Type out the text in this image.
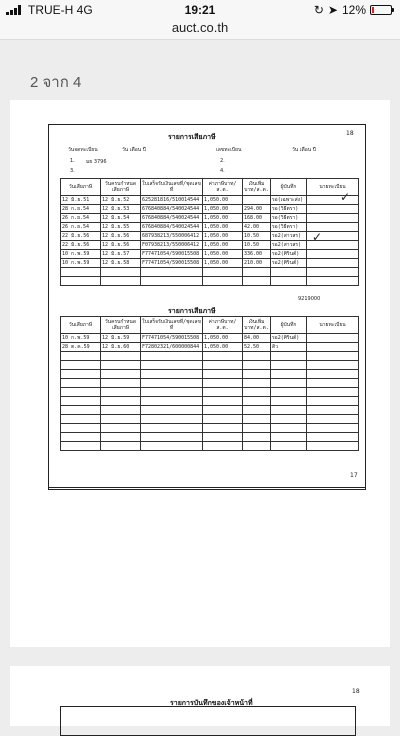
TRUE-H 4G	19:21	↻ ➤ 12%
auct.co.th
2 จาก 4
18
รายการเสียภาษี
วันจดทะเบียน	วัน เดือน ปี	เลขทะเบียน	วัน เดือน ปี
1. มย 3796	2.
3.	4.
วันเสียภาษี	วันครบกำหนดเสียภาษี	ใบเสร็จรับเงินเลขที่/ชุดเลขที่	ค่าภาษีบาท/ส.ต.	เงินเพิ่มบาท/ส.ต.	ผู้บันทึก	นายทะเบียน
12 มิ.ย.51	12 มิ.ย.52	625281816/510014544	1,050.00		รอ(เฉพาะส่ง)	
28 ก.ย.54	12 มิ.ย.53	676840884/540024544	1,050.00	294.00	รอ(วิธีตรา)	
26 ก.ย.54	12 มิ.ย.54	676840884/540024544	1,050.00	168.00	รอ(วิธีตรา)	
26 ก.ย.54	12 มิ.ย.55	676840884/540024544	1,050.00	42.00	รอ(วิธีตรา)	
22 มิ.ย.56	12 มิ.ย.56	687938213/550006412	1,050.00	10.50	รอ2(สาวสร)	
22 มิ.ย.56	12 มิ.ย.56	F07938213/550006412	1,050.00	10.50	รอ2(สาวสร)	
10 ก.พ.59	12 มิ.ย.57	F77471054/590015508	1,050.00	336.00	รอ2(ศิรินต์)	
10 ก.พ.59	12 มิ.ย.58	F77471054/590015508	1,050.00	210.00	รอ2(ศิรินต์)	

✓
✓
9219000
รายการเสียภาษี
วันเสียภาษี	วันครบกำหนดเสียภาษี	ใบเสร็จรับเงินเลขที่/ชุดเลขที่	ค่าภาษีบาท/ส.ต.	เงินเพิ่มบาท/ส.ต.	ผู้บันทึก	นายทะเบียน
10 ก.พ.59	12 มิ.ย.59	F77471054/590015508	1,050.00	84.00	รอ2(ศิรินต์)	
28 ต.ค.59	12 มิ.ย.60	F72802321/600000844	1,050.00	52.50	ดิว	

17
18
รายการบันทึกของเจ้าหน้าที่
